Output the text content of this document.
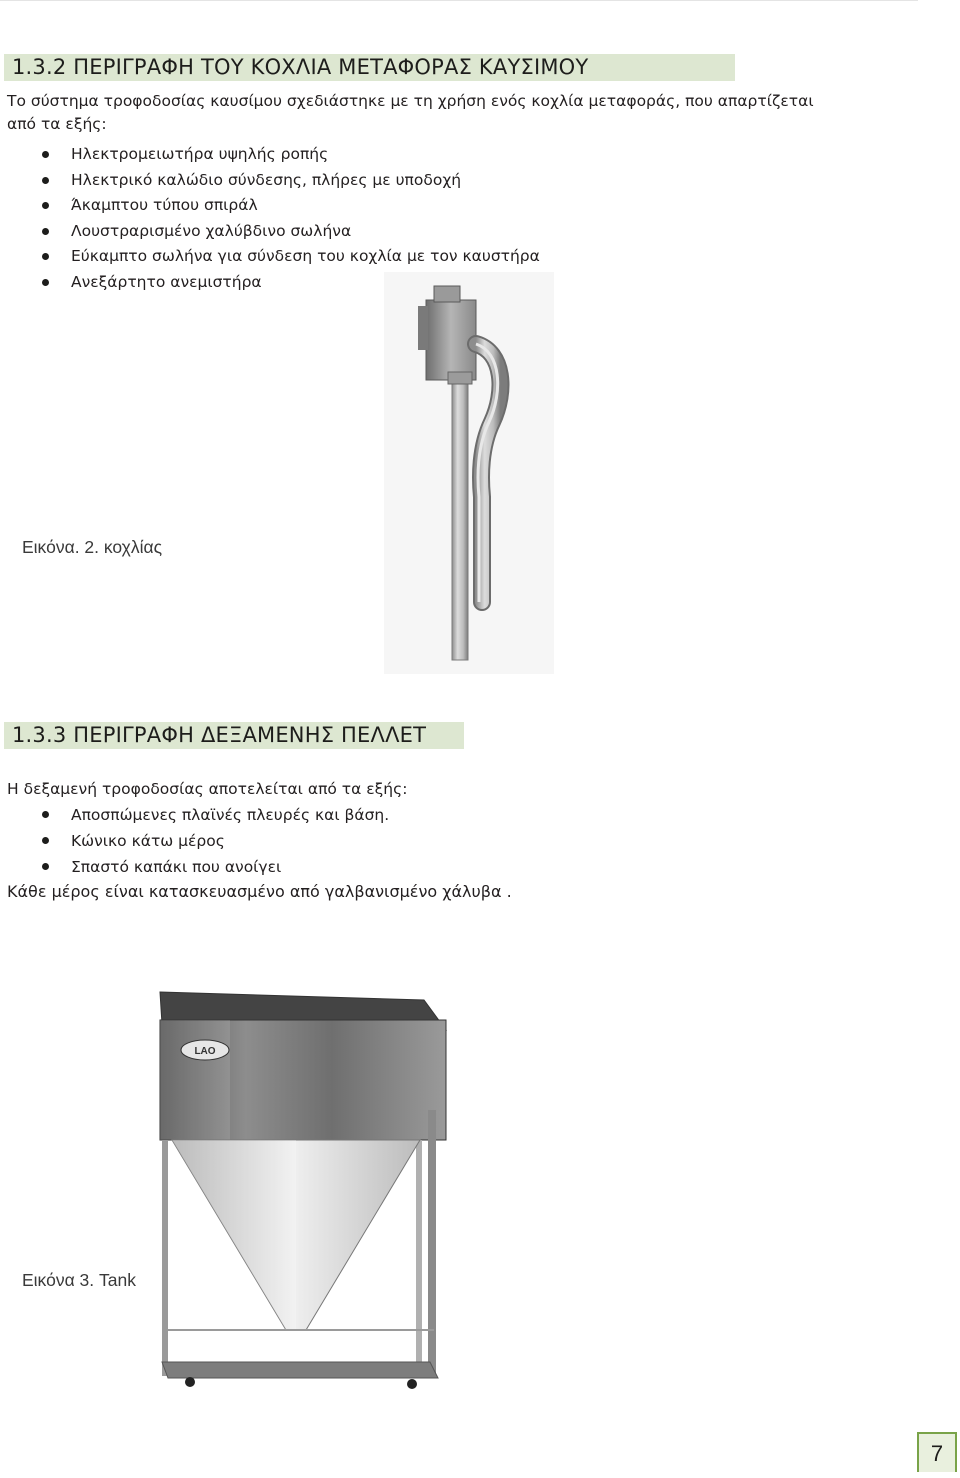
1.3.2 ΠΕΡΙΓΡΑΦΗ ΤΟΥ ΚΟΧΛΙΑ ΜΕΤΑΦΟΡΑΣ ΚΑΥΣΙΜΟΥ
Το σύστημα τροφοδοσίας καυσίμου σχεδιάστηκε με τη χρήση ενός κοχλία μεταφοράς, που απαρτίζεται
από τα εξής:
Ηλεκτρομειωτήρα υψηλής ροπής
Ηλεκτρικό καλώδιο σύνδεσης, πλήρες με υποδοχή
Άκαμπτου τύπου σπιράλ
Λουστραρισμένο χαλύβδινο σωλήνα
Εύκαμπτο σωλήνα για σύνδεση του κοχλία με τον καυστήρα
Ανεξάρτητο ανεμιστήρα
Εικόνα. 2. κοχλίας
1.3.3 ΠΕΡΙΓΡΑΦΗ ΔΕΞΑΜΕΝΗΣ ΠΕΛΛΕΤ
Η δεξαμενή τροφοδοσίας αποτελείται από τα εξής:
Αποσπώμενες πλαϊνές πλευρές και βάση.
Κώνικο κάτω μέρος
Σπαστό καπάκι που ανοίγει
Κάθε μέρος είναι κατασκευασμένο από γαλβανισμένο χάλυβα .
LAO
Εικόνα 3. Tank
7
